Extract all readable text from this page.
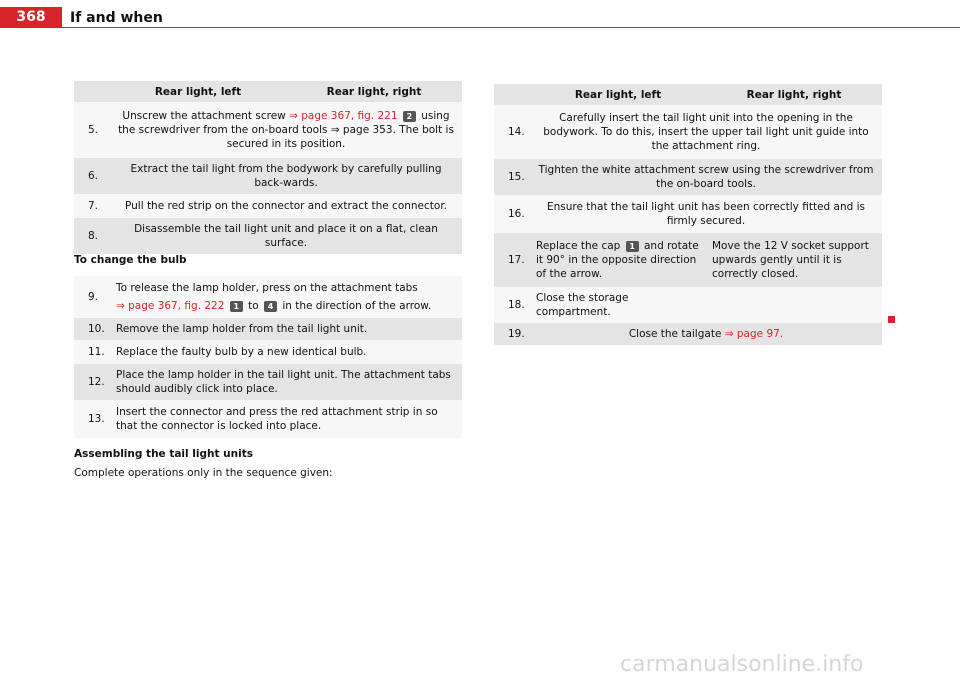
368	If and when
	Rear light, left	Rear light, right
5.	Unscrew the attachment screw ⇒ page 367, fig. 221 2 using the screwdriver from the on-board tools ⇒ page 353. The bolt is secured in its position.	
6.	Extract the tail light from the bodywork by carefully pulling back-wards.	
7.	Pull the red strip on the connector and extract the connector.	
8.	Disassemble the tail light unit and place it on a flat, clean surface.	
To change the bulb
9.	To release the lamp holder, press on the attachment tabs
⇒ page 367, fig. 222 1 to 4 in the direction of the arrow.

10.	Remove the lamp holder from the tail light unit.
11.	Replace the faulty bulb by a new identical bulb.
12.	Place the lamp holder in the tail light unit. The attachment tabs should audibly click into place.
13.	Insert the connector and press the red attachment strip in so that the connector is locked into place.
Assembling the tail light units
Complete operations only in the sequence given:
	Rear light, left	Rear light, right
14.	Carefully insert the tail light unit into the opening in the bodywork. To do this, insert the upper tail light unit guide into the attachment ring.	
15.	Tighten the white attachment screw using the screwdriver from the on-board tools.	
16.	Ensure that the tail light unit has been correctly fitted and is firmly secured.	
17.	Replace the cap 1 and rotate it 90° in the opposite direction of the arrow.	Move the 12 V socket support upwards gently until it is correctly closed.
18.	Close the storage compartment.	
19.	Close the tailgate ⇒ page 97.	
carmanualsonline.info
